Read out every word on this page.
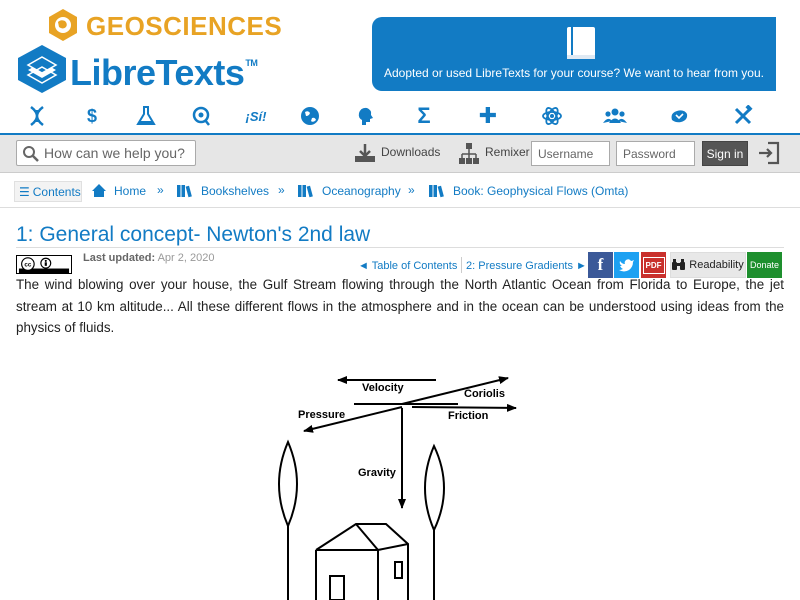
GEOSCIENCES
LibreTexts™
Adopted or used LibreTexts for your course? We want to hear from you.
$	¡Sí!	Σ ✚
How can we help you?
Downloads	Remixer
Username	Sign in
☰ Contents	Home »	Bookshelves »	Oceanography »	Book: Geophysical Flows (Omta)
1: General concept- Newton's 2nd law
cc
Last updated: Apr 2, 2020
◄ Table of Contents 2: Pressure Gradients ► f	PDF	Readability Donate
The wind blowing over your house, the Gulf Stream flowing through the North Atlantic Ocean from Florida to Europe, the jet stream at 10 km altitude... All these different flows in the atmosphere and in the ocean can be understood using ideas from the physics of fluids.
Velocity	Coriolis
Pressure	Friction
Gravity
